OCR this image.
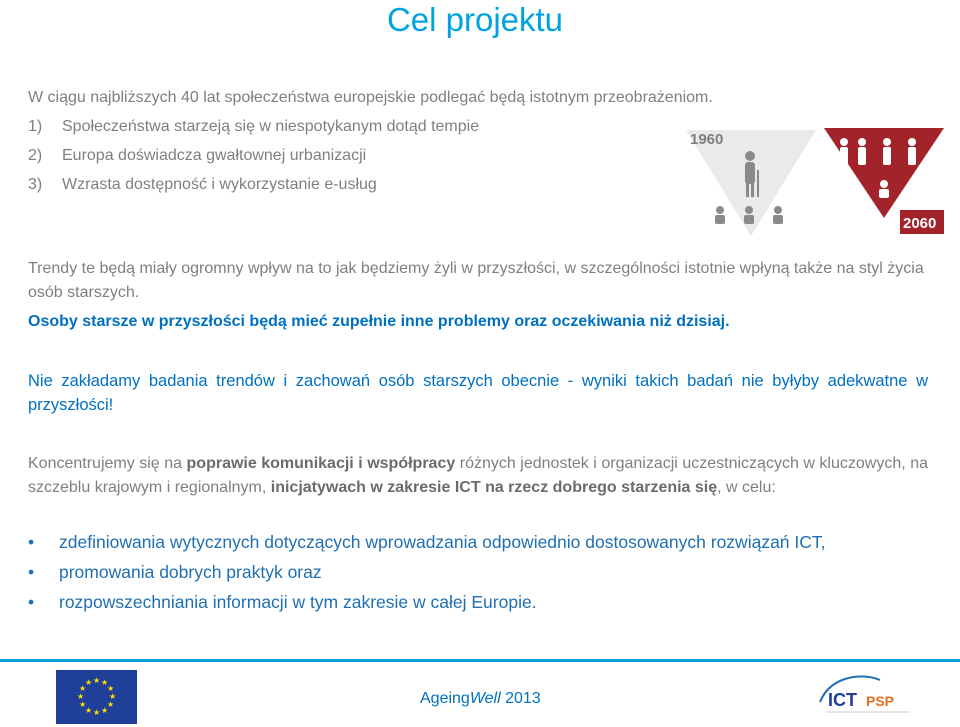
Cel projektu

W ciągu najbliższych 40 lat społeczeństwa europejskie podlegać będą istotnym przeobrażeniom.

1) Społeczeństwa starzeją się w niespotykanym dotąd tempie
2) Europa doświadcza gwałtownej urbanizacji
3) Wzrasta dostępność i wykorzystanie e-usług
1960
2060

Trendy te będą miały ogromny wpływ na to jak będziemy żyli w przyszłości, w szczególności istotnie wpłyną także na styl życia osób starszych.

Osoby starsze w przyszłości będą mieć zupełnie inne problemy oraz oczekiwania niż dzisiaj.

Nie zakładamy badania trendów i zachowań osób starszych obecnie - wyniki takich badań nie byłyby adekwatne w przyszłości!

Koncentrujemy się na poprawie komunikacji i współpracy różnych jednostek i organizacji uczestniczących w kluczowych, na szczeblu krajowym i regionalnym, inicjatywach w zakresie ICT na rzecz dobrego starzenia się, w celu:

• zdefiniowania wytycznych dotyczących wprowadzania odpowiednio dostosowanych rozwiązań ICT,
• promowania dobrych praktyk oraz
• rozpowszechniania informacji w tym zakresie w całej Europie.
★ ★
★
★
★
★
★
★
★
★
★
★
AgeingWell 2013	ICT PSP
